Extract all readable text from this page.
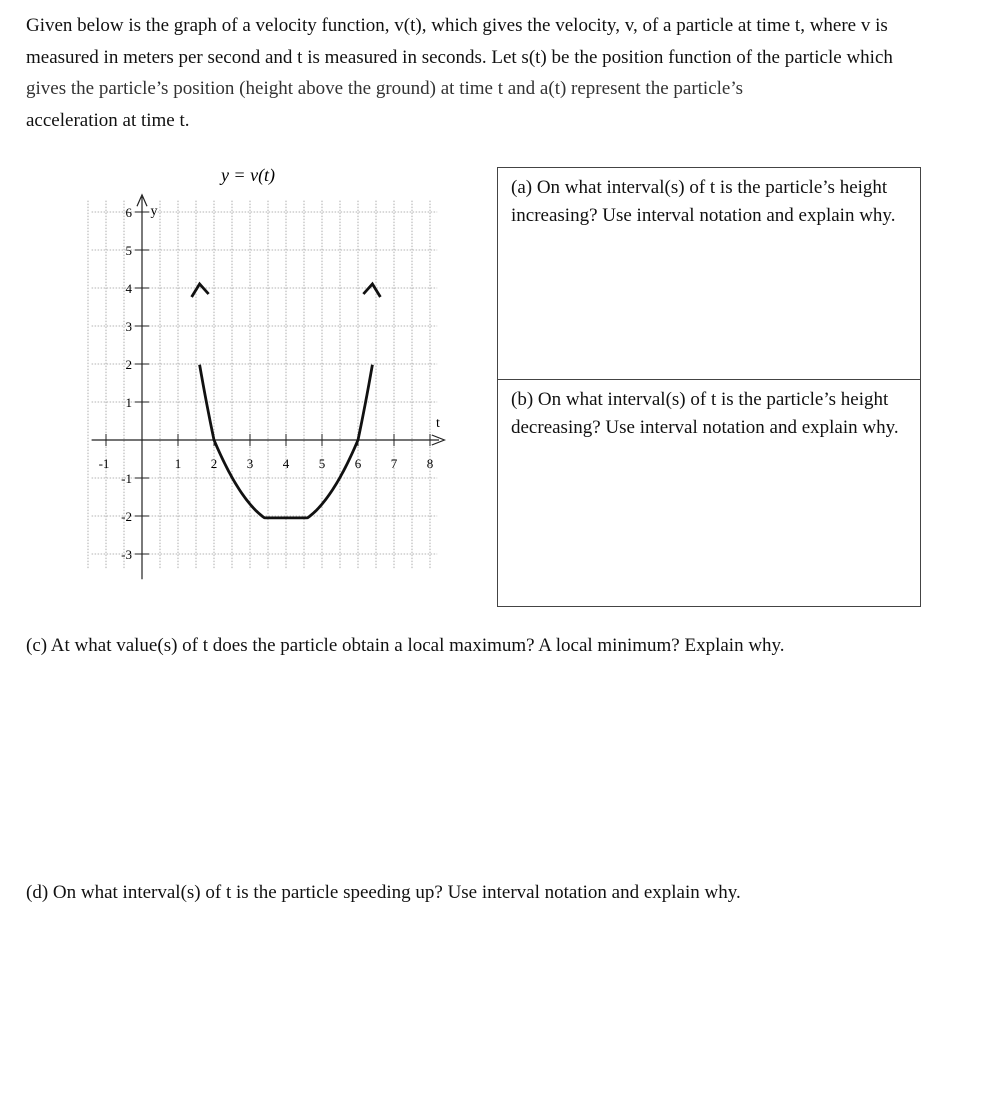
Given below is the graph of a velocity function, v(t), which gives the velocity, v, of a particle at time t, where v is
measured in meters per second and t is measured in seconds. Let s(t) be the position function of the particle which
gives the particle’s position (height above the ground) at time t and a(t) represent the particle’s
acceleration at time t.
-1	1 2 3 4 5 6 7 8
6
5
4
3
2
1
-1
-2
-3
y = v(t)
t
y

(a) On what interval(s) of t is the particle’s height increasing? Use interval notation and explain why.

(b) On what interval(s) of t is the particle’s height decreasing? Use interval notation and explain why.

(c) At what value(s) of t does the particle obtain a local maximum? A local minimum? Explain why.
(d) On what interval(s) of t is the particle speeding up? Use interval notation and explain why.
